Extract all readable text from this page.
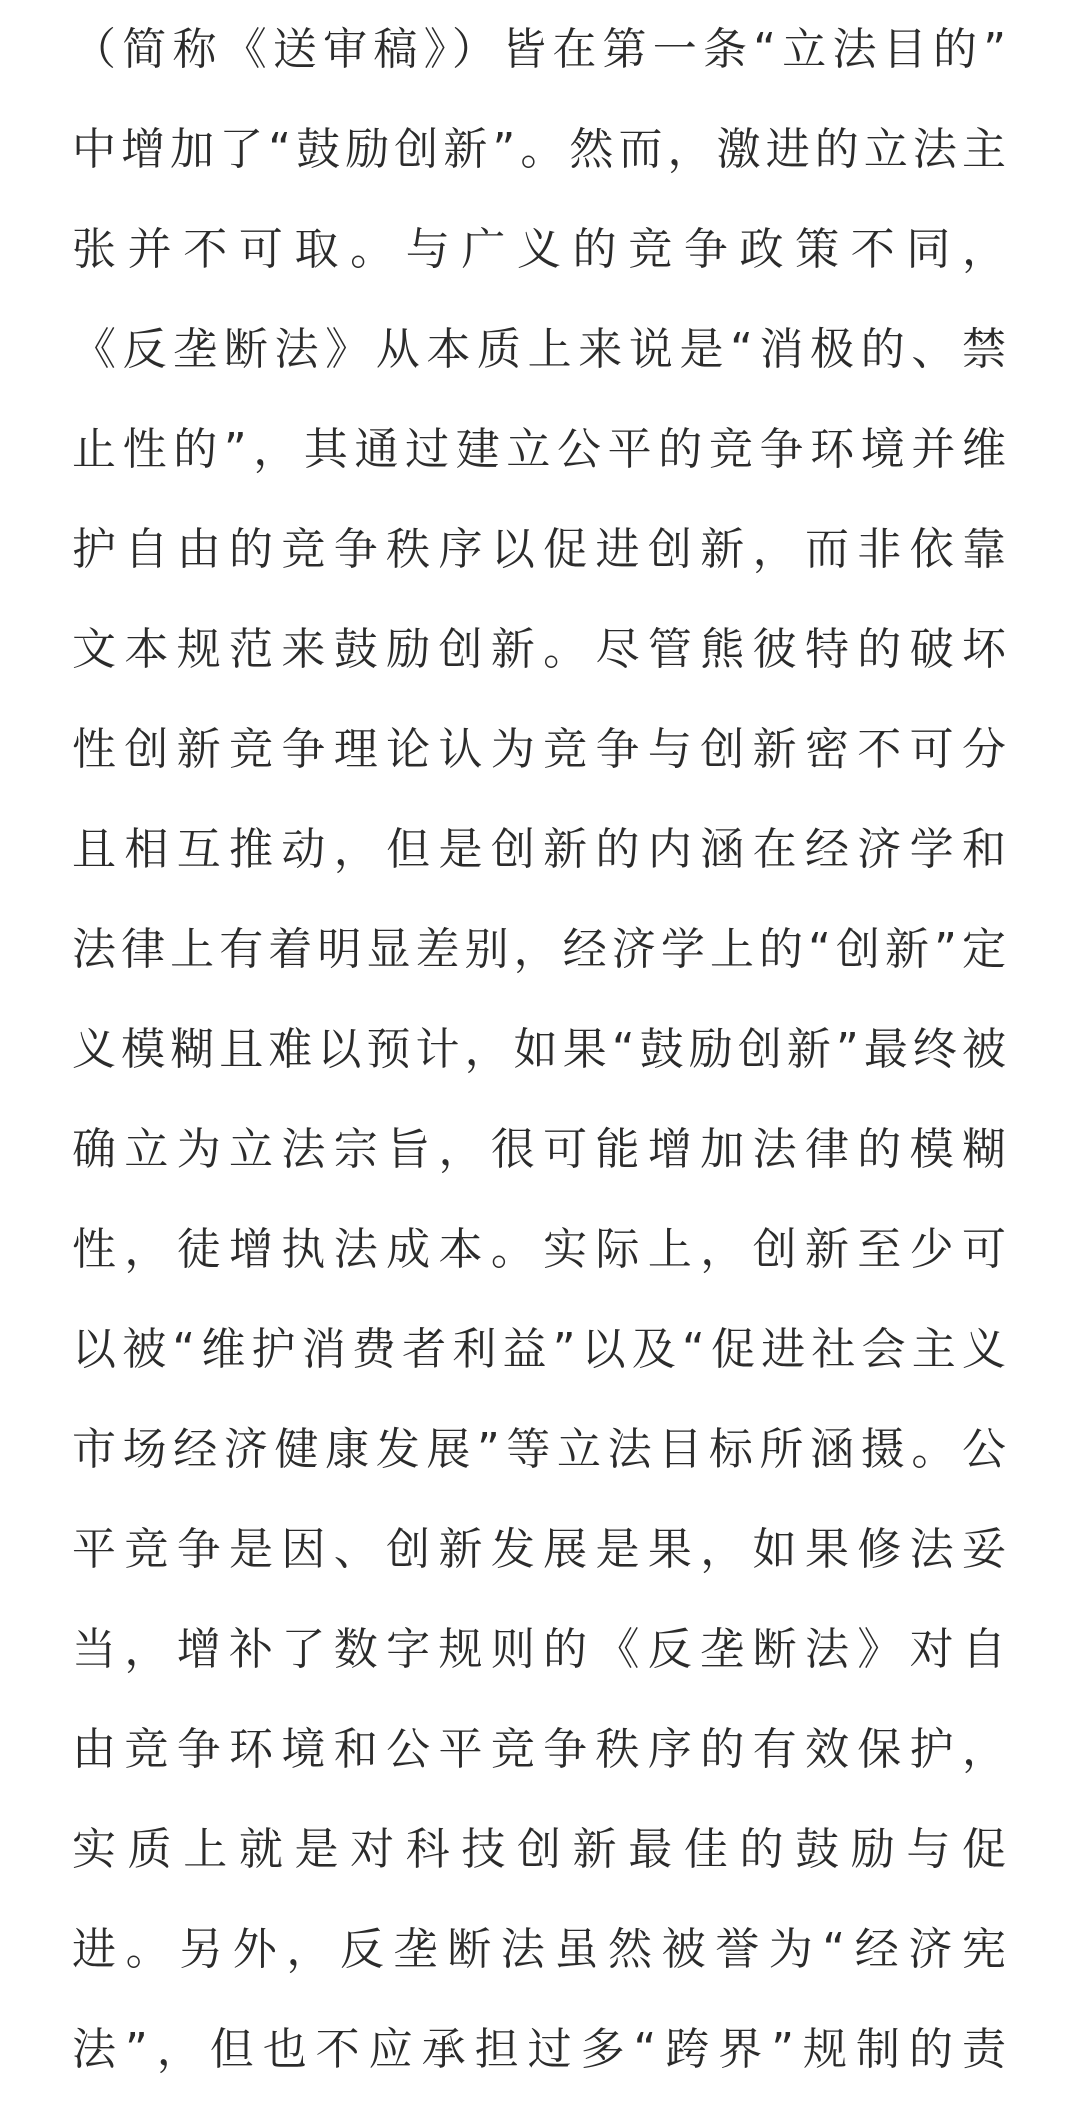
（简称《送审稿》）皆在第一条“立法目的”
中增加了“鼓励创新”。然而，激进的立法主
张并不可取。与广义的竞争政策不同，
《反垄断法》从本质上来说是“消极的、禁
止性的”，其通过建立公平的竞争环境并维
护自由的竞争秩序以促进创新，而非依靠
文本规范来鼓励创新。尽管熊彼特的破坏
性创新竞争理论认为竞争与创新密不可分
且相互推动，但是创新的内涵在经济学和
法律上有着明显差别，经济学上的“创新”定
义模糊且难以预计，如果“鼓励创新”最终被
确立为立法宗旨，很可能增加法律的模糊
性，徒增执法成本。实际上，创新至少可
以被“维护消费者利益”以及“促进社会主义
市场经济健康发展”等立法目标所涵摄。公
平竞争是因、创新发展是果，如果修法妥
当，增补了数字规则的《反垄断法》对自
由竞争环境和公平竞争秩序的有效保护，
实质上就是对科技创新最佳的鼓励与促
进。另外，反垄断法虽然被誉为“经济宪
法”，但也不应承担过多“跨界”规制的责
